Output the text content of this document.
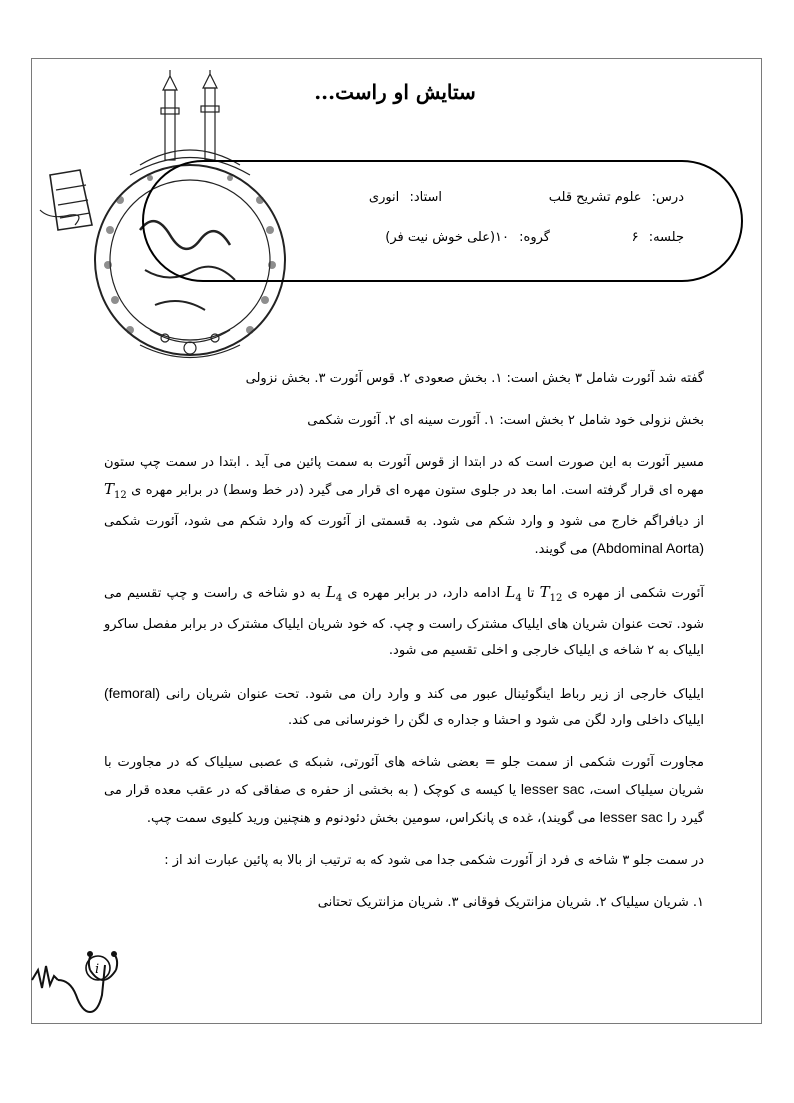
ستایش او راست...
درس: علوم تشریح قلب
استاد: انوری
جلسه: ۶
گروه: ۱۰(علی خوش نیت فر)

گفته شد آئورت شامل ۳ بخش است: ۱. بخش صعودی ۲. قوس آئورت ۳. بخش نزولی

بخش نزولی خود شامل ۲ بخش است: ۱. آئورت سینه ای ۲. آئورت شکمی

مسیر آئورت به این صورت است که در ابتدا از قوس آئورت به سمت پائین می آید . ابتدا در سمت چپ ستون مهره ای قرار گرفته است. اما بعد در جلوی ستون مهره ای قرار می گیرد (در خط وسط) در برابر مهره ی $T_{12}$ از دیافراگم خارج می شود و وارد شکم می شود. به قسمتی از آئورت که وارد شکم می شود، آئورت شکمی (Abdominal Aorta) می گویند.

آئورت شکمی از مهره ی $T_{12}$ تا $L_4$ ادامه دارد، در برابر مهره ی $L_4$ به دو شاخه ی راست و چپ تقسیم می شود. تحت عنوان شریان های ایلیاک مشترک راست و چپ. که خود شریان ایلیاک مشترک در برابر مفصل ساکرو ایلیاک به ۲ شاخه ی ایلیاک خارجی و اخلی تقسیم می شود.

ایلیاک خارجی از زیر رباط اینگوئینال عبور می کند و وارد ران می شود. تحت عنوان شریان رانی (femoral) ایلیاک داخلی وارد لگن می شود و احشا و جداره ی لگن را خونرسانی می کند.

مجاورت آئورت شکمی از سمت جلو = بعضی شاخه های آئورتی، شبکه ی عصبی سیلیاک که در مجاورت با شریان سیلیاک است، lesser sac یا کیسه ی کوچک ( به بخشی از حفره ی صفاقی که در عقب معده قرار می گیرد را lesser sac می گویند)، غده ی پانکراس، سومین بخش دئودنوم و هنچنین ورید کلیوی سمت چپ.

در سمت جلو ۳ شاخه ی فرد از آئورت شکمی جدا می شود که به ترتیب از بالا به پائین عبارت اند از :

۱. شریان سیلیاک ۲. شریان مزانتریک فوقانی ۳. شریان مزانتریک تحتانی

i
